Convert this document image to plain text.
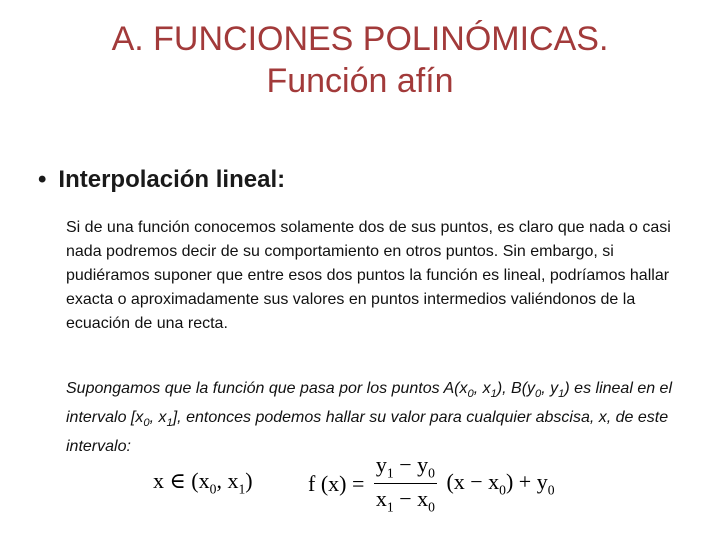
A. FUNCIONES POLINÓMICAS.
Función afín
• Interpolación lineal:
Si de una función conocemos solamente dos de sus puntos, es claro que nada o casi nada podremos decir de su comportamiento en otros puntos. Sin embargo, si pudiéramos suponer que entre esos dos puntos la función es lineal, podríamos hallar exacta o aproximadamente sus valores en puntos intermedios valiéndonos de la ecuación de una recta.
Supongamos que la función que pasa por los puntos $A(x_0$, $x_1$), $B(y_0$, $y_1$) es lineal en el intervalo [$x_0$, $x_1$], entonces podemos hallar su valor para cualquier abscisa, x, de este intervalo:
x ∈ ($x_0$, $x_1$)	f $(x) = \frac{y_1 - y_0}{x_1 - x_0} (x - x_0) + y_0$
